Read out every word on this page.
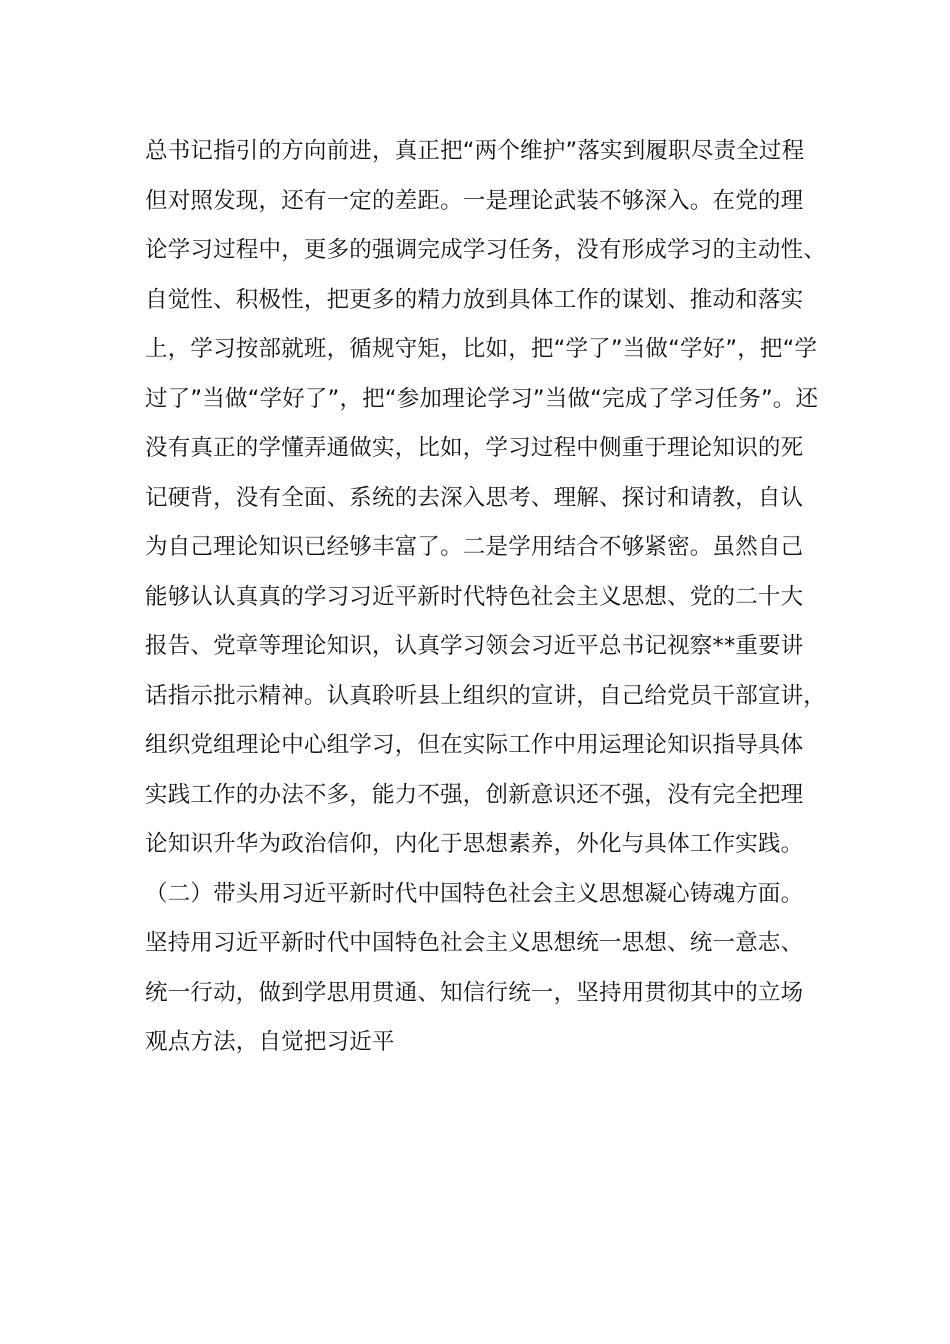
总书记指引的方向前进，真正把“两个维护”落实到履职尽责全过程
但对照发现，还有一定的差距。一是理论武装不够深入。在党的理
论学习过程中，更多的强调完成学习任务，没有形成学习的主动性、
自觉性、积极性，把更多的精力放到具体工作的谋划、推动和落实
上，学习按部就班，循规守矩，比如，把“学了”当做“学好”，把“学
过了”当做“学好了”，把“参加理论学习”当做“完成了学习任务”。还
没有真正的学懂弄通做实，比如，学习过程中侧重于理论知识的死
记硬背，没有全面、系统的去深入思考、理解、探讨和请教，自认
为自己理论知识已经够丰富了。二是学用结合不够紧密。虽然自己
能够认认真真的学习习近平新时代特色社会主义思想、党的二十大
报告、党章等理论知识，认真学习领会习近平总书记视察**重要讲
话指示批示精神。认真聆听县上组织的宣讲，自己给党员干部宣讲，
组织党组理论中心组学习，但在实际工作中用运理论知识指导具体
实践工作的办法不多，能力不强，创新意识还不强，没有完全把理
论知识升华为政治信仰，内化于思想素养，外化与具体工作实践。
（二）带头用习近平新时代中国特色社会主义思想凝心铸魂方面。
坚持用习近平新时代中国特色社会主义思想统一思想、统一意志、
统一行动，做到学思用贯通、知信行统一，坚持用贯彻其中的立场
观点方法，自觉把习近平
